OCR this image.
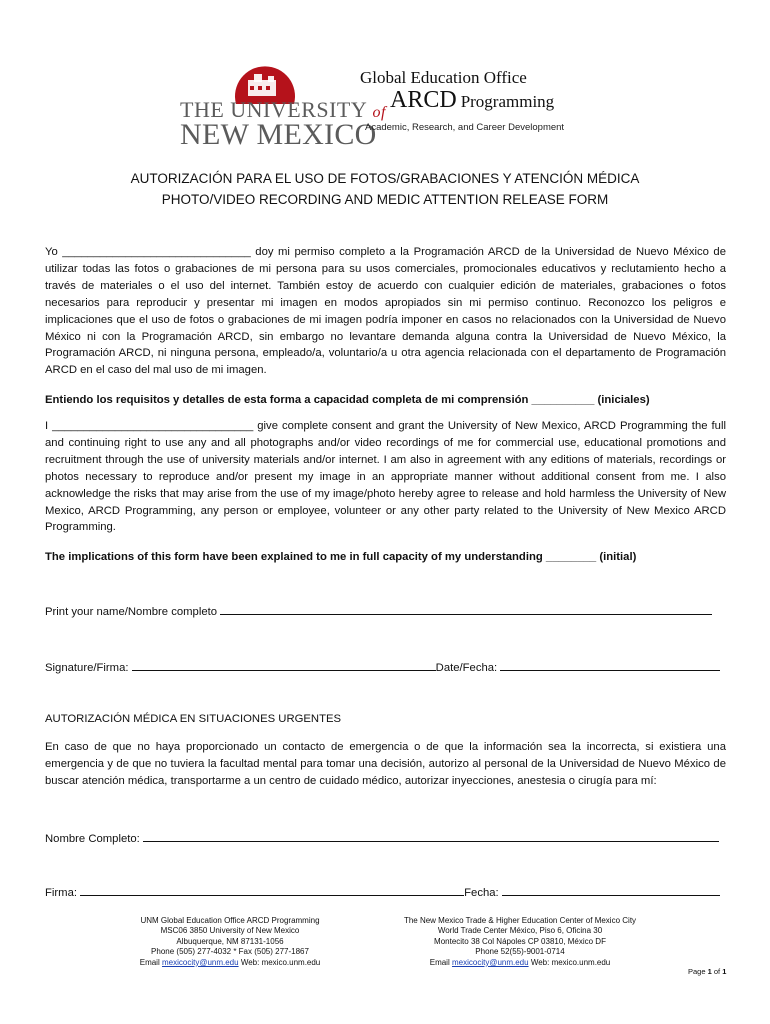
THE UNIVERSITY of
NEW MEXICO
Global Education Office
ARCD Programming
Academic, Research, and Career Development
AUTORIZACIÓN PARA EL USO DE FOTOS/GRABACIONES Y ATENCIÓN MÉDICA
PHOTO/VIDEO RECORDING AND MEDIC ATTENTION RELEASE FORM

Yo ______________________________ doy mi permiso completo a la Programación ARCD de la Universidad de Nuevo México de utilizar todas las fotos o grabaciones de mi persona para su usos comerciales, promocionales educativos y reclutamiento hecho a través de materiales o el uso del internet. También estoy de acuerdo con cualquier edición de materiales, grabaciones o fotos necesarios para reproducir y presentar mi imagen en modos apropiados sin mi permiso continuo. Reconozco los peligros e implicaciones que el uso de fotos o grabaciones de mi imagen podría imponer en casos no relacionados con la Universidad de Nuevo México ni con la Programación ARCD, sin embargo no levantare demanda alguna contra la Universidad de Nuevo México, la Programación ARCD, ni ninguna persona, empleado/a, voluntario/a u otra agencia relacionada con el departamento de Programación ARCD en el caso del mal uso de mi imagen.

Entiendo los requisitos y detalles de esta forma a capacidad completa de mi comprensión __________ (iniciales)

I ________________________________ give complete consent and grant the University of New Mexico, ARCD Programming the full and continuing right to use any and all photographs and/or video recordings of me for commercial use, educational promotions and recruitment through the use of university materials and/or internet. I am also in agreement with any editions of materials, recordings or photos necessary to reproduce and/or present my image in an appropriate manner without additional consent from me. I also acknowledge the risks that may arise from the use of my image/photo hereby agree to release and hold harmless the University of New Mexico, ARCD Programming, any person or employee, volunteer or any other party related to the University of New Mexico ARCD Programming.

The implications of this form have been explained to me in full capacity of my understanding ________ (initial)

Print your name/Nombre completo
Signature/Firma:	Date/Fecha:
AUTORIZACIÓN MÉDICA EN SITUACIONES URGENTES

En caso de que no haya proporcionado un contacto de emergencia o de que la información sea la incorrecta, si existiera una emergencia y de que no tuviera la facultad mental para tomar una decisión, autorizo al personal de la Universidad de Nuevo México de buscar atención médica, transportarme a un centro de cuidado médico, autorizar inyecciones, anestesia o cirugía para mí:

Nombre Completo:
Firma:	Fecha:
UNM Global Education Office ARCD Programming
MSC06 3850 University of New Mexico
Albuquerque, NM 87131-1056
Phone (505) 277-4032 * Fax (505) 277-1867
Email mexicocity@unm.edu Web: mexico.unm.edu
The New Mexico Trade & Higher Education Center of Mexico City
World Trade Center México, Piso 6, Oficina 30
Montecito 38 Col Nápoles CP 03810, México DF
Phone 52(55)-9001-0714
Email mexicocity@unm.edu Web: mexico.unm.edu
Page 1 of 1
